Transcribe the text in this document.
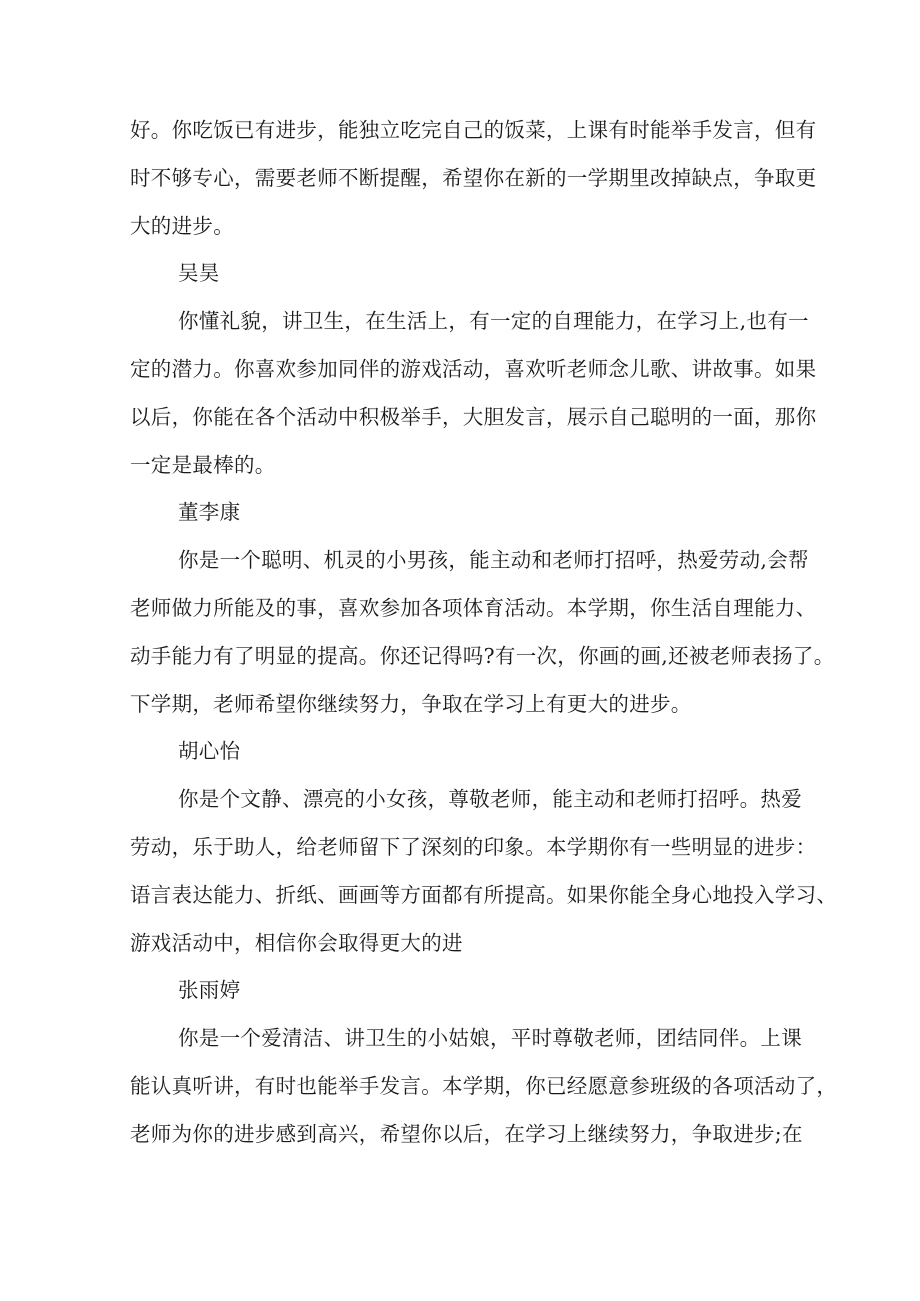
好。你吃饭已有进步，能独立吃完自己的饭菜，上课有时能举手发言，但有
时不够专心，需要老师不断提醒，希望你在新的一学期里改掉缺点，争取更
大的进步。
吴昊
你懂礼貌，讲卫生，在生活上，有一定的自理能力，在学习上,也有一
定的潜力。你喜欢参加同伴的游戏活动，喜欢听老师念儿歌、讲故事。如果
以后，你能在各个活动中积极举手，大胆发言，展示自己聪明的一面，那你
一定是最棒的。
董李康
你是一个聪明、机灵的小男孩，能主动和老师打招呼，热爱劳动,会帮
老师做力所能及的事，喜欢参加各项体育活动。本学期，你生活自理能力、
动手能力有了明显的提高。你还记得吗?有一次，你画的画,还被老师表扬了。
下学期，老师希望你继续努力，争取在学习上有更大的进步。
胡心怡
你是个文静、漂亮的小女孩，尊敬老师，能主动和老师打招呼。热爱
劳动，乐于助人，给老师留下了深刻的印象。本学期你有一些明显的进步：
语言表达能力、折纸、画画等方面都有所提高。如果你能全身心地投入学习、
游戏活动中，相信你会取得更大的进
张雨婷
你是一个爱清洁、讲卫生的小姑娘，平时尊敬老师，团结同伴。上课
能认真听讲，有时也能举手发言。本学期，你已经愿意参班级的各项活动了，
老师为你的进步感到高兴，希望你以后，在学习上继续努力，争取进步;在
